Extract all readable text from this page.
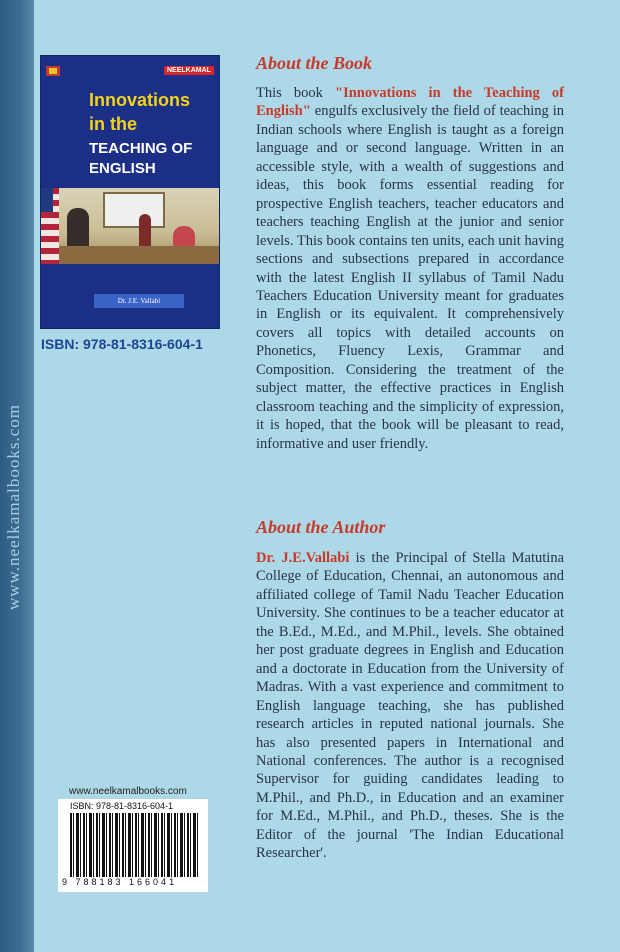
www.neelkamalbooks.com
NEELKAMAL
Innovations
in the
TEACHING OF
ENGLISH
Dr. J.E. Vallabi
ISBN: 978-81-8316-604-1
About the Book
This book "Innovations in the Teaching of English" engulfs exclusively the field of teaching in Indian schools where English is taught as a foreign language and or second language. Written in an accessible style, with a wealth of suggestions and ideas, this book forms essential reading for prospective English teachers, teacher educators and teachers teaching English at the junior and senior levels. This book contains ten units, each unit having sections and subsections prepared in accordance with the latest English II syllabus of Tamil Nadu Teachers Education University meant for graduates in English or its equivalent. It comprehensively covers all topics with detailed accounts on Phonetics, Fluency Lexis, Grammar and Composition. Considering the treatment of the subject matter, the effective practices in English classroom teaching and the simplicity of expression, it is hoped, that the book will be pleasant to read, informative and user friendly.
About the Author
Dr. J.E.Vallabi is the Principal of Stella Matutina College of Education, Chennai, an autonomous and affiliated college of Tamil Nadu Teacher Education University. She continues to be a teacher educator at the B.Ed., M.Ed., and M.Phil., levels. She obtained her post graduate degrees in English and Education and a doctorate in Education from the University of Madras. With a vast experience and commitment to English language teaching, she has published research articles in reputed national journals. She has also presented papers in International and National conferences. The author is a recognised Supervisor for guiding candidates leading to M.Phil., and Ph.D., in Education and an examiner for M.Ed., M.Phil., and Ph.D., theses. She is the Editor of the journal 'The Indian Educational Researcher'.
www.neelkamalbooks.com
ISBN: 978-81-8316-604-1
9 788183 166041
